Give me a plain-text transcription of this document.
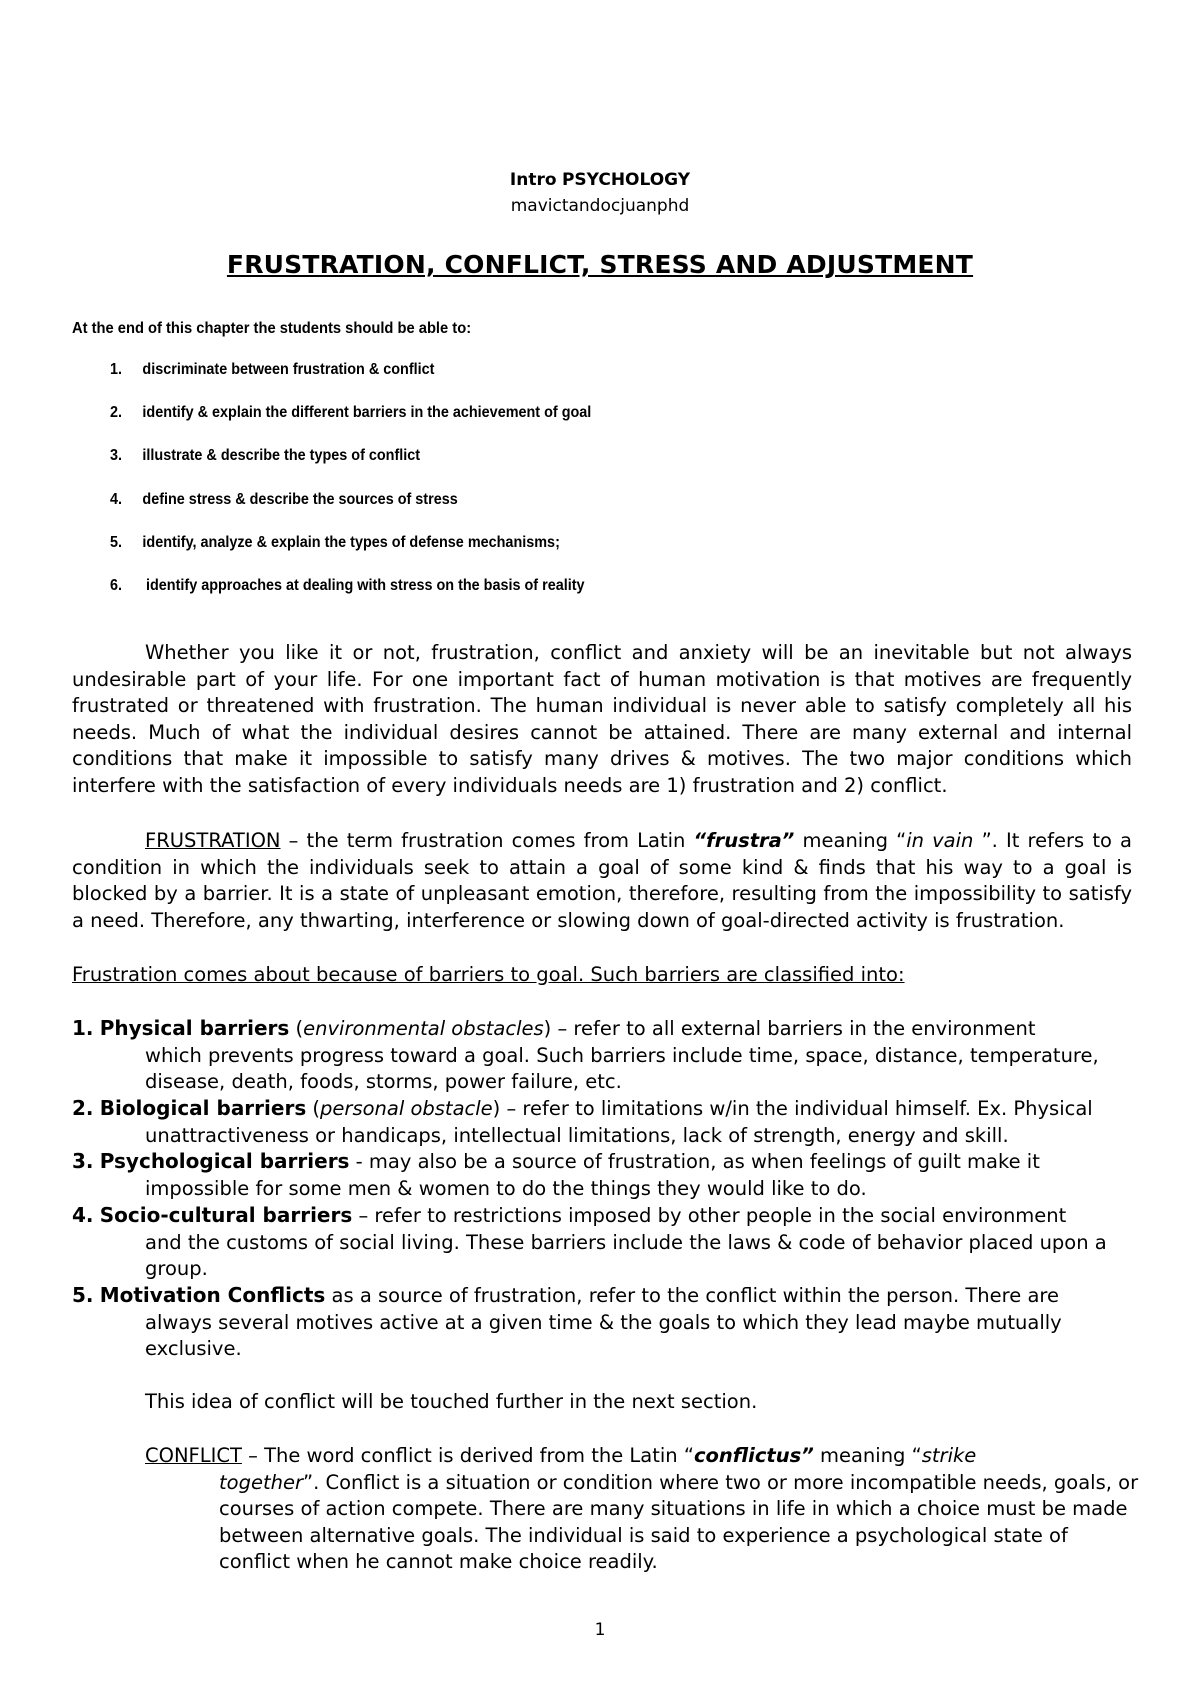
Intro PSYCHOLOGY
mavictandocjuanphd
FRUSTRATION, CONFLICT, STRESS AND ADJUSTMENT
At the end of this chapter the students should be able to:
1. discriminate between frustration & conflict
2. identify & explain the different barriers in the achievement of goal
3. illustrate & describe the types of conflict
4. define stress & describe the sources of stress
5. identify, analyze & explain the types of defense mechanisms;
6. identify approaches at dealing with stress on the basis of reality
Whether you like it or not, frustration, conflict and anxiety will be an inevitable but not always undesirable part of your life. For one important fact of human motivation is that motives are frequently frustrated or threatened with frustration. The human individual is never able to satisfy completely all his needs. Much of what the individual desires cannot be attained. There are many external and internal conditions that make it impossible to satisfy many drives & motives. The two major conditions which interfere with the satisfaction of every individuals needs are 1) frustration and 2) conflict.
FRUSTRATION – the term frustration comes from Latin “frustra” meaning “in vain ”. It refers to a condition in which the individuals seek to attain a goal of some kind & finds that his way to a goal is blocked by a barrier. It is a state of unpleasant emotion, therefore, resulting from the impossibility to satisfy a need. Therefore, any thwarting, interference or slowing down of goal-directed activity is frustration.
Frustration comes about because of barriers to goal. Such barriers are classified into:
1. Physical barriers (environmental obstacles) – refer to all external barriers in the environment
which prevents progress toward a goal. Such barriers include time, space, distance, temperature, disease, death, foods, storms, power failure, etc.
2. Biological barriers (personal obstacle) – refer to limitations w/in the individual himself. Ex. Physical
unattractiveness or handicaps, intellectual limitations, lack of strength, energy and skill.
3. Psychological barriers - may also be a source of frustration, as when feelings of guilt make it
impossible for some men & women to do the things they would like to do.
4. Socio-cultural barriers – refer to restrictions imposed by other people in the social environment
and the customs of social living. These barriers include the laws & code of behavior placed upon a group.
5. Motivation Conflicts as a source of frustration, refer to the conflict within the person. There are
always several motives active at a given time & the goals to which they lead maybe mutually exclusive.
This idea of conflict will be touched further in the next section.
CONFLICT – The word conflict is derived from the Latin “conflictus” meaning “strike
together”. Conflict is a situation or condition where two or more incompatible needs, goals, or courses of action compete. There are many situations in life in which a choice must be made between alternative goals. The individual is said to experience a psychological state of conflict when he cannot make choice readily.
1
